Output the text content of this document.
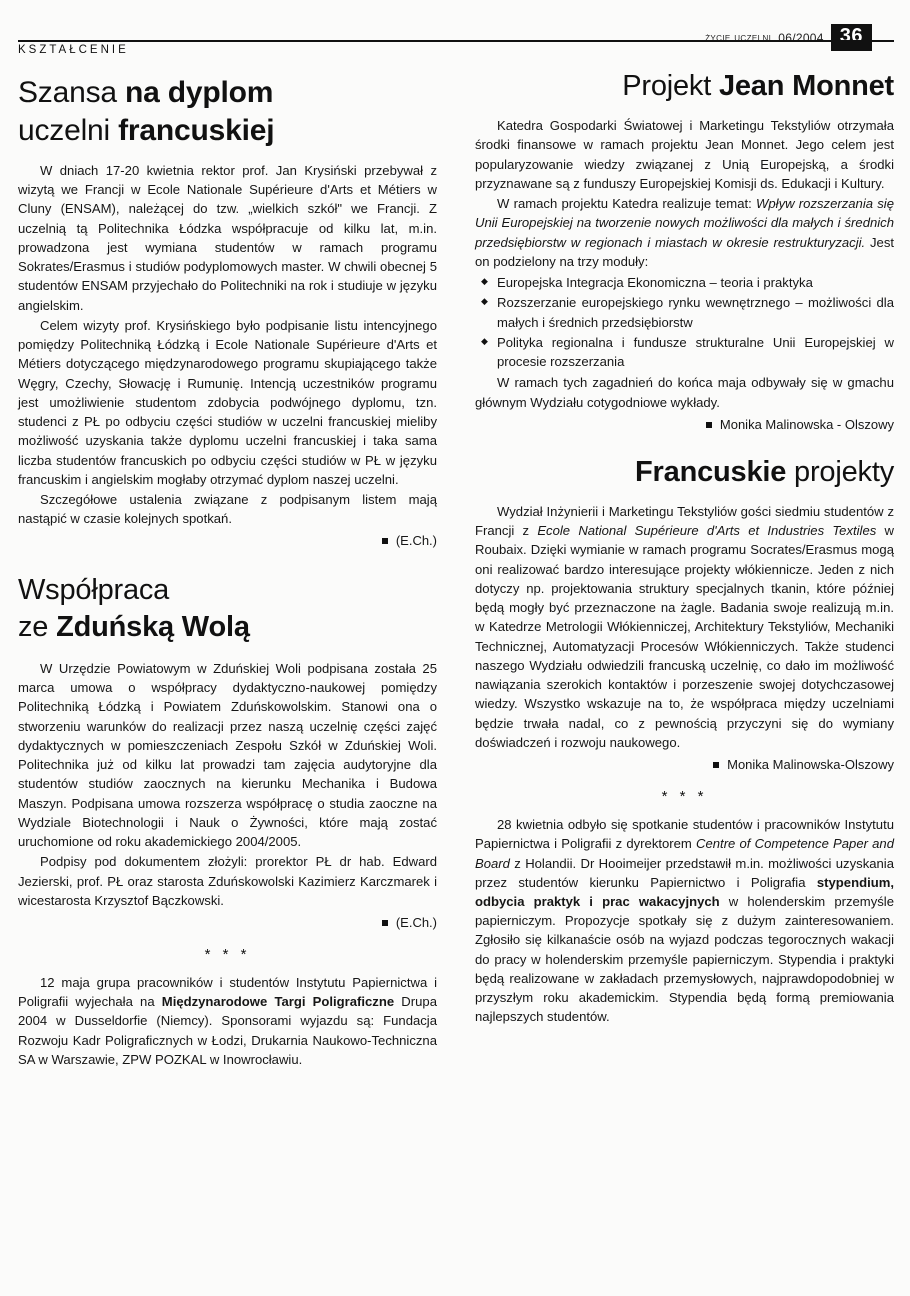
życie uczelni 06/2004 36
KSZTAŁCENIE
Szansa na dyplom
uczelni francuskiej

W dniach 17-20 kwietnia rektor prof. Jan Krysiński przebywał z wizytą we Francji w Ecole Nationale Supérieure d'Arts et Métiers w Cluny (ENSAM), należącej do tzw. „wielkich szkół" we Francji. Z uczelnią tą Politechnika Łódzka współpracuje od kilku lat, m.in. prowadzona jest wymiana studentów w ramach programu Sokrates/Erasmus i studiów podyplomowych master. W chwili obecnej 5 studentów ENSAM przyjechało do Politechniki na rok i studiuje w języku angielskim.

Celem wizyty prof. Krysińskiego było podpisanie listu intencyjnego pomiędzy Politechniką Łódzką i Ecole Nationale Supérieure d'Arts et Métiers dotyczącego międzynarodowego programu skupiającego także Węgry, Czechy, Słowację i Rumunię. Intencją uczestników programu jest umożliwienie studentom zdobycia podwójnego dyplomu, tzn. studenci z PŁ po odbyciu części studiów w uczelni francuskiej mieliby możliwość uzyskania także dyplomu uczelni francuskiej i taka sama liczba studentów francuskich po odbyciu części studiów w PŁ w języku francuskim i angielskim mogłaby otrzymać dyplom naszej uczelni.

Szczegółowe ustalenia związane z podpisanym listem mają nastąpić w czasie kolejnych spotkań.

(E.Ch.)
Współpraca
ze Zduńską Wolą

W Urzędzie Powiatowym w Zduńskiej Woli podpisana została 25 marca umowa o współpracy dydaktyczno-naukowej pomiędzy Politechniką Łódzką i Powiatem Zduńskowolskim. Stanowi ona o stworzeniu warunków do realizacji przez naszą uczelnię części zajęć dydaktycznych w pomieszczeniach Zespołu Szkół w Zduńskiej Woli. Politechnika już od kilku lat prowadzi tam zajęcia audytoryjne dla studentów studiów zaocznych na kierunku Mechanika i Budowa Maszyn. Podpisana umowa rozszerza współpracę o studia zaoczne na Wydziale Biotechnologii i Nauk o Żywności, które mają zostać uruchomione od roku akademickiego 2004/2005.

Podpisy pod dokumentem złożyli: prorektor PŁ dr hab. Edward Jezierski, prof. PŁ oraz starosta Zduńskowolski Kazimierz Karczmarek i wicestarosta Krzysztof Bączkowski.

(E.Ch.)
* * *

12 maja grupa pracowników i studentów Instytutu Papiernictwa i Poligrafii wyjechała na Międzynarodowe Targi Poligraficzne Drupa 2004 w Dusseldorfie (Niemcy). Sponsorami wyjazdu są: Fundacja Rozwoju Kadr Poligraficznych w Łodzi, Drukarnia Naukowo-Techniczna SA w Warszawie, ZPW POZKAL w Inowrocławiu.

Projekt Jean Monnet

Katedra Gospodarki Światowej i Marketingu Tekstyliów otrzymała środki finansowe w ramach projektu Jean Monnet. Jego celem jest popularyzowanie wiedzy związanej z Unią Europejską, a środki przyznawane są z funduszy Europejskiej Komisji ds. Edukacji i Kultury.

W ramach projektu Katedra realizuje temat: Wpływ rozszerzania się Unii Europejskiej na tworzenie nowych możliwości dla małych i średnich przedsiębiorstw w regionach i miastach w okresie restrukturyzacji. Jest on podzielony na trzy moduły:

◆ Europejska Integracja Ekonomiczna – teoria i praktyka
◆ Rozszerzanie europejskiego rynku wewnętrznego – możliwości dla małych i średnich przedsiębiorstw
◆ Polityka regionalna i fundusze strukturalne Unii Europejskiej w procesie rozszerzania

W ramach tych zagadnień do końca maja odbywały się w gmachu głównym Wydziału cotygodniowe wykłady.

Monika Malinowska - Olszowy
Francuskie projekty

Wydział Inżynierii i Marketingu Tekstyliów gości siedmiu studentów z Francji z Ecole National Supérieure d'Arts et Industries Textiles w Roubaix. Dzięki wymianie w ramach programu Socrates/Erasmus mogą oni realizować bardzo interesujące projekty włókiennicze. Jeden z nich dotyczy np. projektowania struktury specjalnych tkanin, które później będą mogły być przeznaczone na żagle. Badania swoje realizują m.in. w Katedrze Metrologii Włókienniczej, Architektury Tekstyliów, Mechaniki Technicznej, Automatyzacji Procesów Włókienniczych. Także studenci naszego Wydziału odwiedzili francuską uczelnię, co dało im możliwość nawiązania szerokich kontaktów i porzeszenie swojej dotychczasowej wiedzy. Wszystko wskazuje na to, że współpraca między uczelniami będzie trwała nadal, co z pewnością przyczyni się do wymiany doświadczeń i rozwoju naukowego.

Monika Malinowska-Olszowy
* * *

28 kwietnia odbyło się spotkanie studentów i pracowników Instytutu Papiernictwa i Poligrafii z dyrektorem Centre of Competence Paper and Board z Holandii. Dr Hooimeijer przedstawił m.in. możliwości uzyskania przez studentów kierunku Papiernictwo i Poligrafia stypendium, odbycia praktyk i prac wakacyjnych w holenderskim przemyśle papierniczym. Propozycje spotkały się z dużym zainteresowaniem. Zgłosiło się kilkanaście osób na wyjazd podczas tegorocznych wakacji do pracy w holenderskim przemyśle papierniczym. Stypendia i praktyki będą realizowane w zakładach przemysłowych, najprawdopodobniej w przyszłym roku akademickim. Stypendia będą formą premiowania najlepszych studentów.
